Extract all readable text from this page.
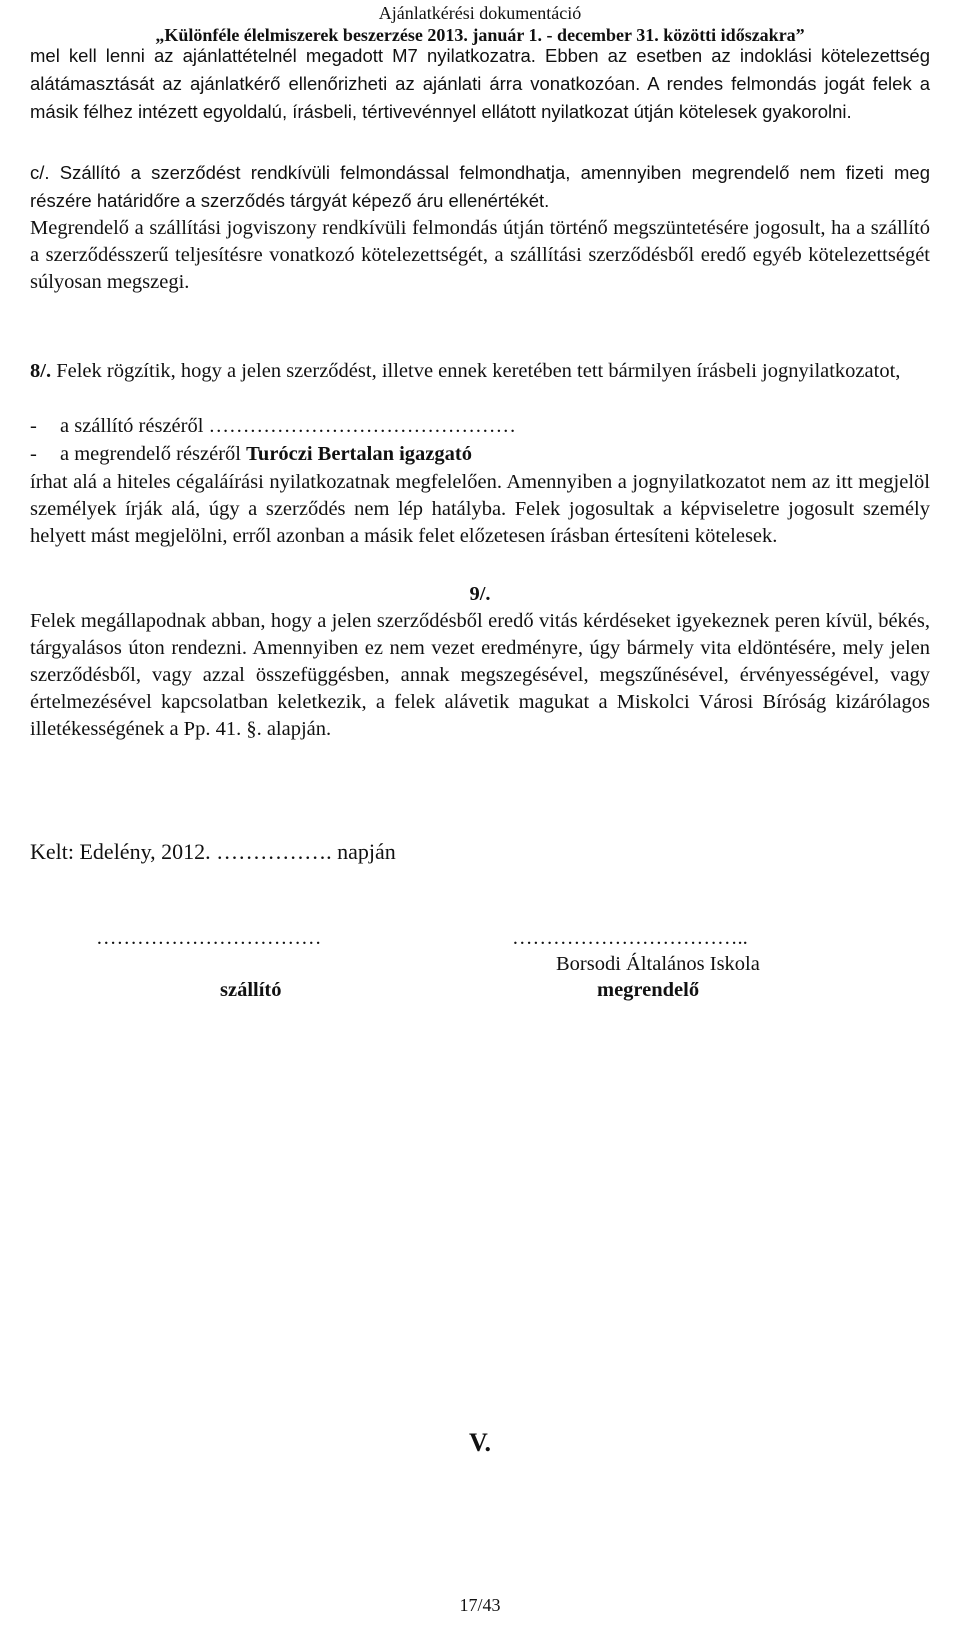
Ajánlatkérési dokumentáció
„Különféle élelmiszerek beszerzése 2013. január 1. - december 31. közötti időszakra”
mel kell lenni az ajánlattételnél megadott M7 nyilatkozatra. Ebben az esetben az indoklási kötelezettség alátámasztását az ajánlatkérő ellenőrizheti az ajánlati árra vonatkozóan. A rendes felmondás jogát felek a másik félhez intézett egyoldalú, írásbeli, tértivevénnyel ellátott nyilatkozat útján kötelesek gyakorolni.
c/. Szállító a szerződést rendkívüli felmondással felmondhatja, amennyiben megrendelő nem fizeti meg részére határidőre a szerződés tárgyát képező áru ellenértékét.
Megrendelő a szállítási jogviszony rendkívüli felmondás útján történő megszüntetésére jogosult, ha a szállító a szerződésszerű teljesítésre vonatkozó kötelezettségét, a szállítási szerződésből eredő egyéb kötelezettségét súlyosan megszegi.
8/. Felek rögzítik, hogy a jelen szerződést, illetve ennek keretében tett bármilyen írásbeli jognyilatkozatot,
- a szállító részéről ………………………………………
- a megrendelő részéről Turóczi Bertalan igazgató
írhat alá a hiteles cégaláírási nyilatkozatnak megfelelően. Amennyiben a jognyilatkozatot nem az itt megjelöl személyek írják alá, úgy a szerződés nem lép hatályba. Felek jogosultak a képviseletre jogosult személy helyett mást megjelölni, erről azonban a másik felet előzetesen írásban értesíteni kötelesek.
9/.
Felek megállapodnak abban, hogy a jelen szerződésből eredő vitás kérdéseket igyekeznek peren kívül, békés, tárgyalásos úton rendezni. Amennyiben ez nem vezet eredményre, úgy bármely vita eldöntésére, mely jelen szerződésből, vagy azzal összefüggésben, annak megszegésével, megszűnésével, érvényességével, vagy értelmezésével kapcsolatban keletkezik, a felek alávetik magukat a Miskolci Városi Bíróság kizárólagos illetékességének a Pp. 41. §. alapján.
Kelt: Edelény, 2012. ……………. napján
……………………………
szállító
……………………………..
Borsodi Általános Iskola
megrendelő
V.
17/43
